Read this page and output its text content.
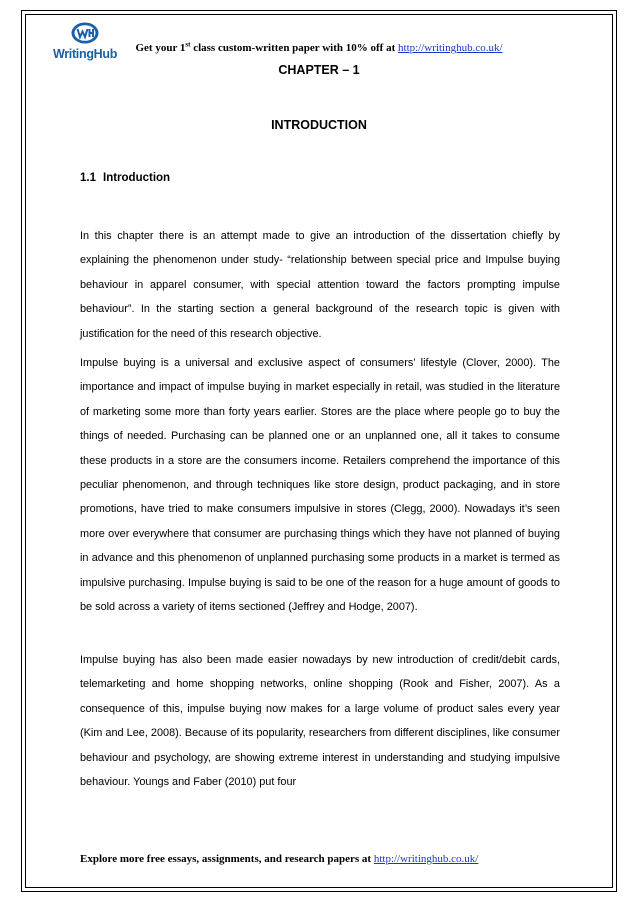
WritingHub	Get your 1st class custom-written paper with 10% off at http://writinghub.co.uk/
CHAPTER – 1
INTRODUCTION
1.1 Introduction

In this chapter there is an attempt made to give an introduction of the dissertation chiefly by explaining the phenomenon under study- “relationship between special price and Impulse buying behaviour in apparel consumer, with special attention toward the factors prompting impulse behaviour”. In the starting section a general background of the research topic is given with justification for the need of this research objective.

Impulse buying is a universal and exclusive aspect of consumers’ lifestyle (Clover, 2000). The importance and impact of impulse buying in market especially in retail, was studied in the literature of marketing some more than forty years earlier. Stores are the place where people go to buy the things of needed. Purchasing can be planned one or an unplanned one, all it takes to consume these products in a store are the consumers income. Retailers comprehend the importance of this peculiar phenomenon, and through techniques like store design, product packaging, and in store promotions, have tried to make consumers impulsive in stores (Clegg, 2000). Nowadays it’s seen more over everywhere that consumer are purchasing things which they have not planned of buying in advance and this phenomenon of unplanned purchasing some products in a market is termed as impulsive purchasing. Impulse buying is said to be one of the reason for a huge amount of goods to be sold across a variety of items sectioned (Jeffrey and Hodge, 2007).

Impulse buying has also been made easier nowadays by new introduction of credit/debit cards, telemarketing and home shopping networks, online shopping (Rook and Fisher, 2007). As a consequence of this, impulse buying now makes for a large volume of product sales every year (Kim and Lee, 2008). Because of its popularity, researchers from different disciplines, like consumer behaviour and psychology, are showing extreme interest in understanding and studying impulsive behaviour. Youngs and Faber (2010) put four

Explore more free essays, assignments, and research papers at http://writinghub.co.uk/
